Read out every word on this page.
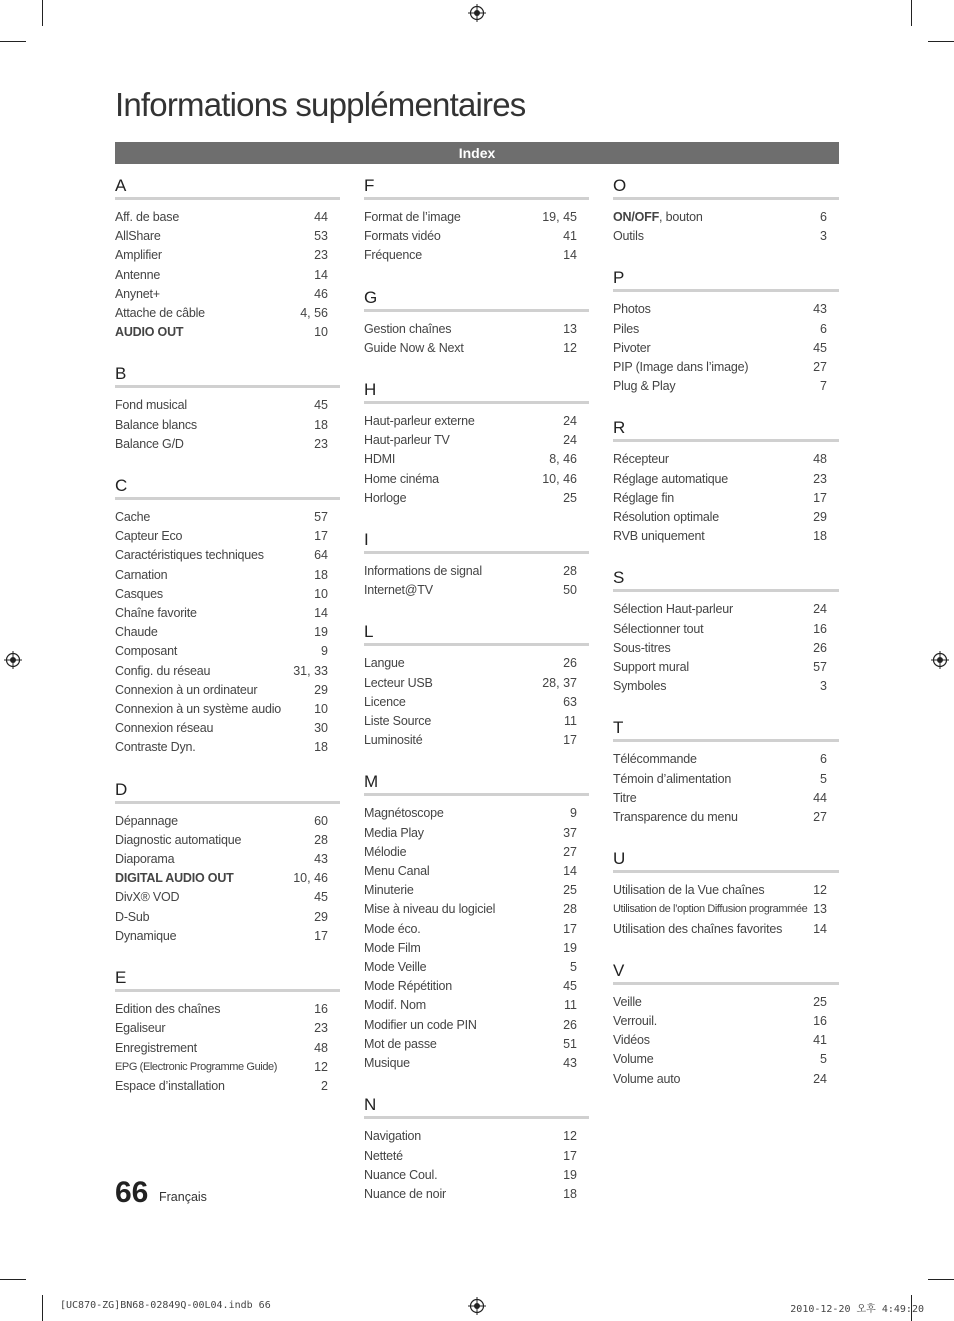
Informations supplémentaires
Index
A
Aff. de base	44
AllShare	53
Amplifier	23
Antenne	14
Anynet+	46
Attache de câble	4, 56
AUDIO OUT	10
B
Fond musical	45
Balance blancs	18
Balance G/D	23
C
Cache	57
Capteur Eco	17
Caractéristiques techniques	64
Carnation	18
Casques	10
Chaîne favorite	14
Chaude	19
Composant	9
Config. du réseau	31, 33
Connexion à un ordinateur	29
Connexion à un système audio	10
Connexion réseau	30
Contraste Dyn.	18
D
Dépannage	60
Diagnostic automatique	28
Diaporama	43
DIGITAL AUDIO OUT	10, 46
DivX® VOD	45
D-Sub	29
Dynamique	17
E
Edition des chaînes	16
Egaliseur	23
Enregistrement	48
EPG (Electronic Programme Guide)	12
Espace d’installation	2
F
Format de l’image	19, 45
Formats vidéo	41
Fréquence	14
G
Gestion chaînes	13
Guide Now & Next	12
H
Haut-parleur externe	24
Haut-parleur TV	24
HDMI	8, 46
Home cinéma	10, 46
Horloge	25
I
Informations de signal	28
Internet@TV	50
L
Langue	26
Lecteur USB	28, 37
Licence	63
Liste Source	11
Luminosité	17
M
Magnétoscope	9
Media Play	37
Mélodie	27
Menu Canal	14
Minuterie	25
Mise à niveau du logiciel	28
Mode éco.	17
Mode Film	19
Mode Veille	5
Mode Répétition	45
Modif. Nom	11
Modifier un code PIN	26
Mot de passe	51
Musique	43
N
Navigation	12
Netteté	17
Nuance Coul.	19
Nuance de noir	18
O
ON/OFF, bouton	6
Outils	3
P
Photos	43
Piles	6
Pivoter	45
PIP (Image dans l’image)	27
Plug & Play	7
R
Récepteur	48
Réglage automatique	23
Réglage fin	17
Résolution optimale	29
RVB uniquement	18
S
Sélection Haut-parleur	24
Sélectionner tout	16
Sous-titres	26
Support mural	57
Symboles	3
T
Télécommande	6
Témoin d’alimentation	5
Titre	44
Transparence du menu	27
U
Utilisation de la Vue chaînes	12
Utilisation de l’option Diffusion programmée 13
Utilisation des chaînes favorites 14
V
Veille	25
Verrouil.	16
Vidéos	41
Volume	5
Volume auto	24
66 Français
[UC870-ZG]BN68-02849Q-00L04.indb 66	2010-12-20 오후 4:49:20
